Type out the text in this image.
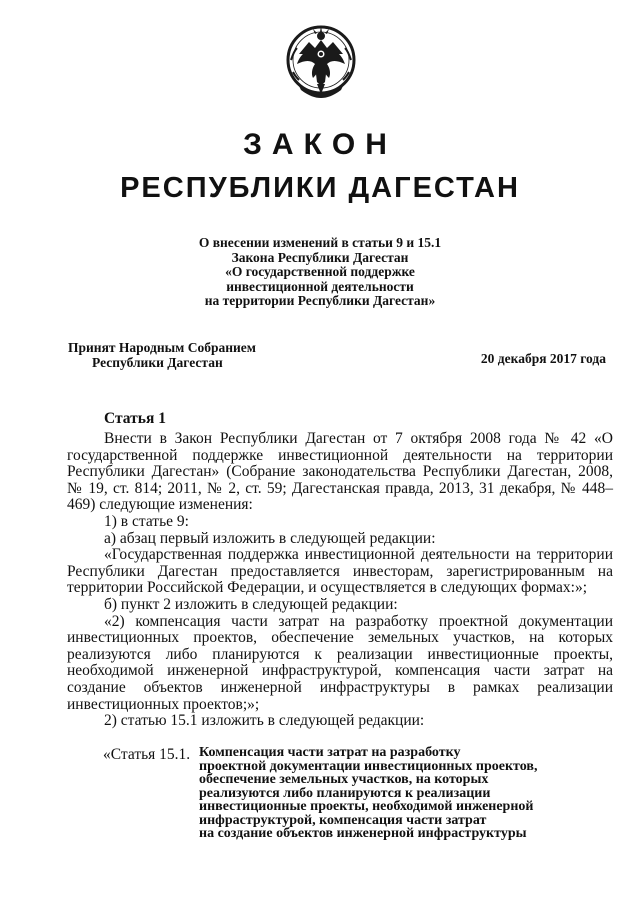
ЗАКОН
РЕСПУБЛИКИ ДАГЕСТАН
О внесении изменений в статьи 9 и 15.1
Закона Республики Дагестан
«О государственной поддержке
инвестиционной деятельности
на территории Республики Дагестан»
Принят Народным Собранием
Республики Дагестан	20 декабря 2017 года
Статья 1

Внести в Закон Республики Дагестан от 7 октября 2008 года № 42 «О государственной поддержке инвестиционной деятельности на территории Республики Дагестан» (Собрание законодательства Республики Дагестан, 2008, № 19, ст. 814; 2011, № 2, ст. 59; Дагестанская правда, 2013, 31 декабря, № 448–469) следующие изменения:

1) в статье 9:

а) абзац первый изложить в следующей редакции:

«Государственная поддержка инвестиционной деятельности на территории Республики Дагестан предоставляется инвесторам, зарегистрированным на территории Российской Федерации, и осуществляется в следующих формах:»;

б) пункт 2 изложить в следующей редакции:

«2) компенсация части затрат на разработку проектной документации инвестиционных проектов, обеспечение земельных участков, на которых реализуются либо планируются к реализации инвестиционные проекты, необходимой инженерной инфраструктурой, компенсация части затрат на создание объектов инженерной инфраструктуры в рамках реализации инвестиционных проектов;»;

2) статью 15.1 изложить в следующей редакции:

«Статья 15.1. Компенсация части затрат на разработку
проектной документации инвестиционных проектов,
обеспечение земельных участков, на которых
реализуются либо планируются к реализации
инвестиционные проекты, необходимой инженерной
инфраструктурой, компенсация части затрат
на создание объектов инженерной инфраструктуры
